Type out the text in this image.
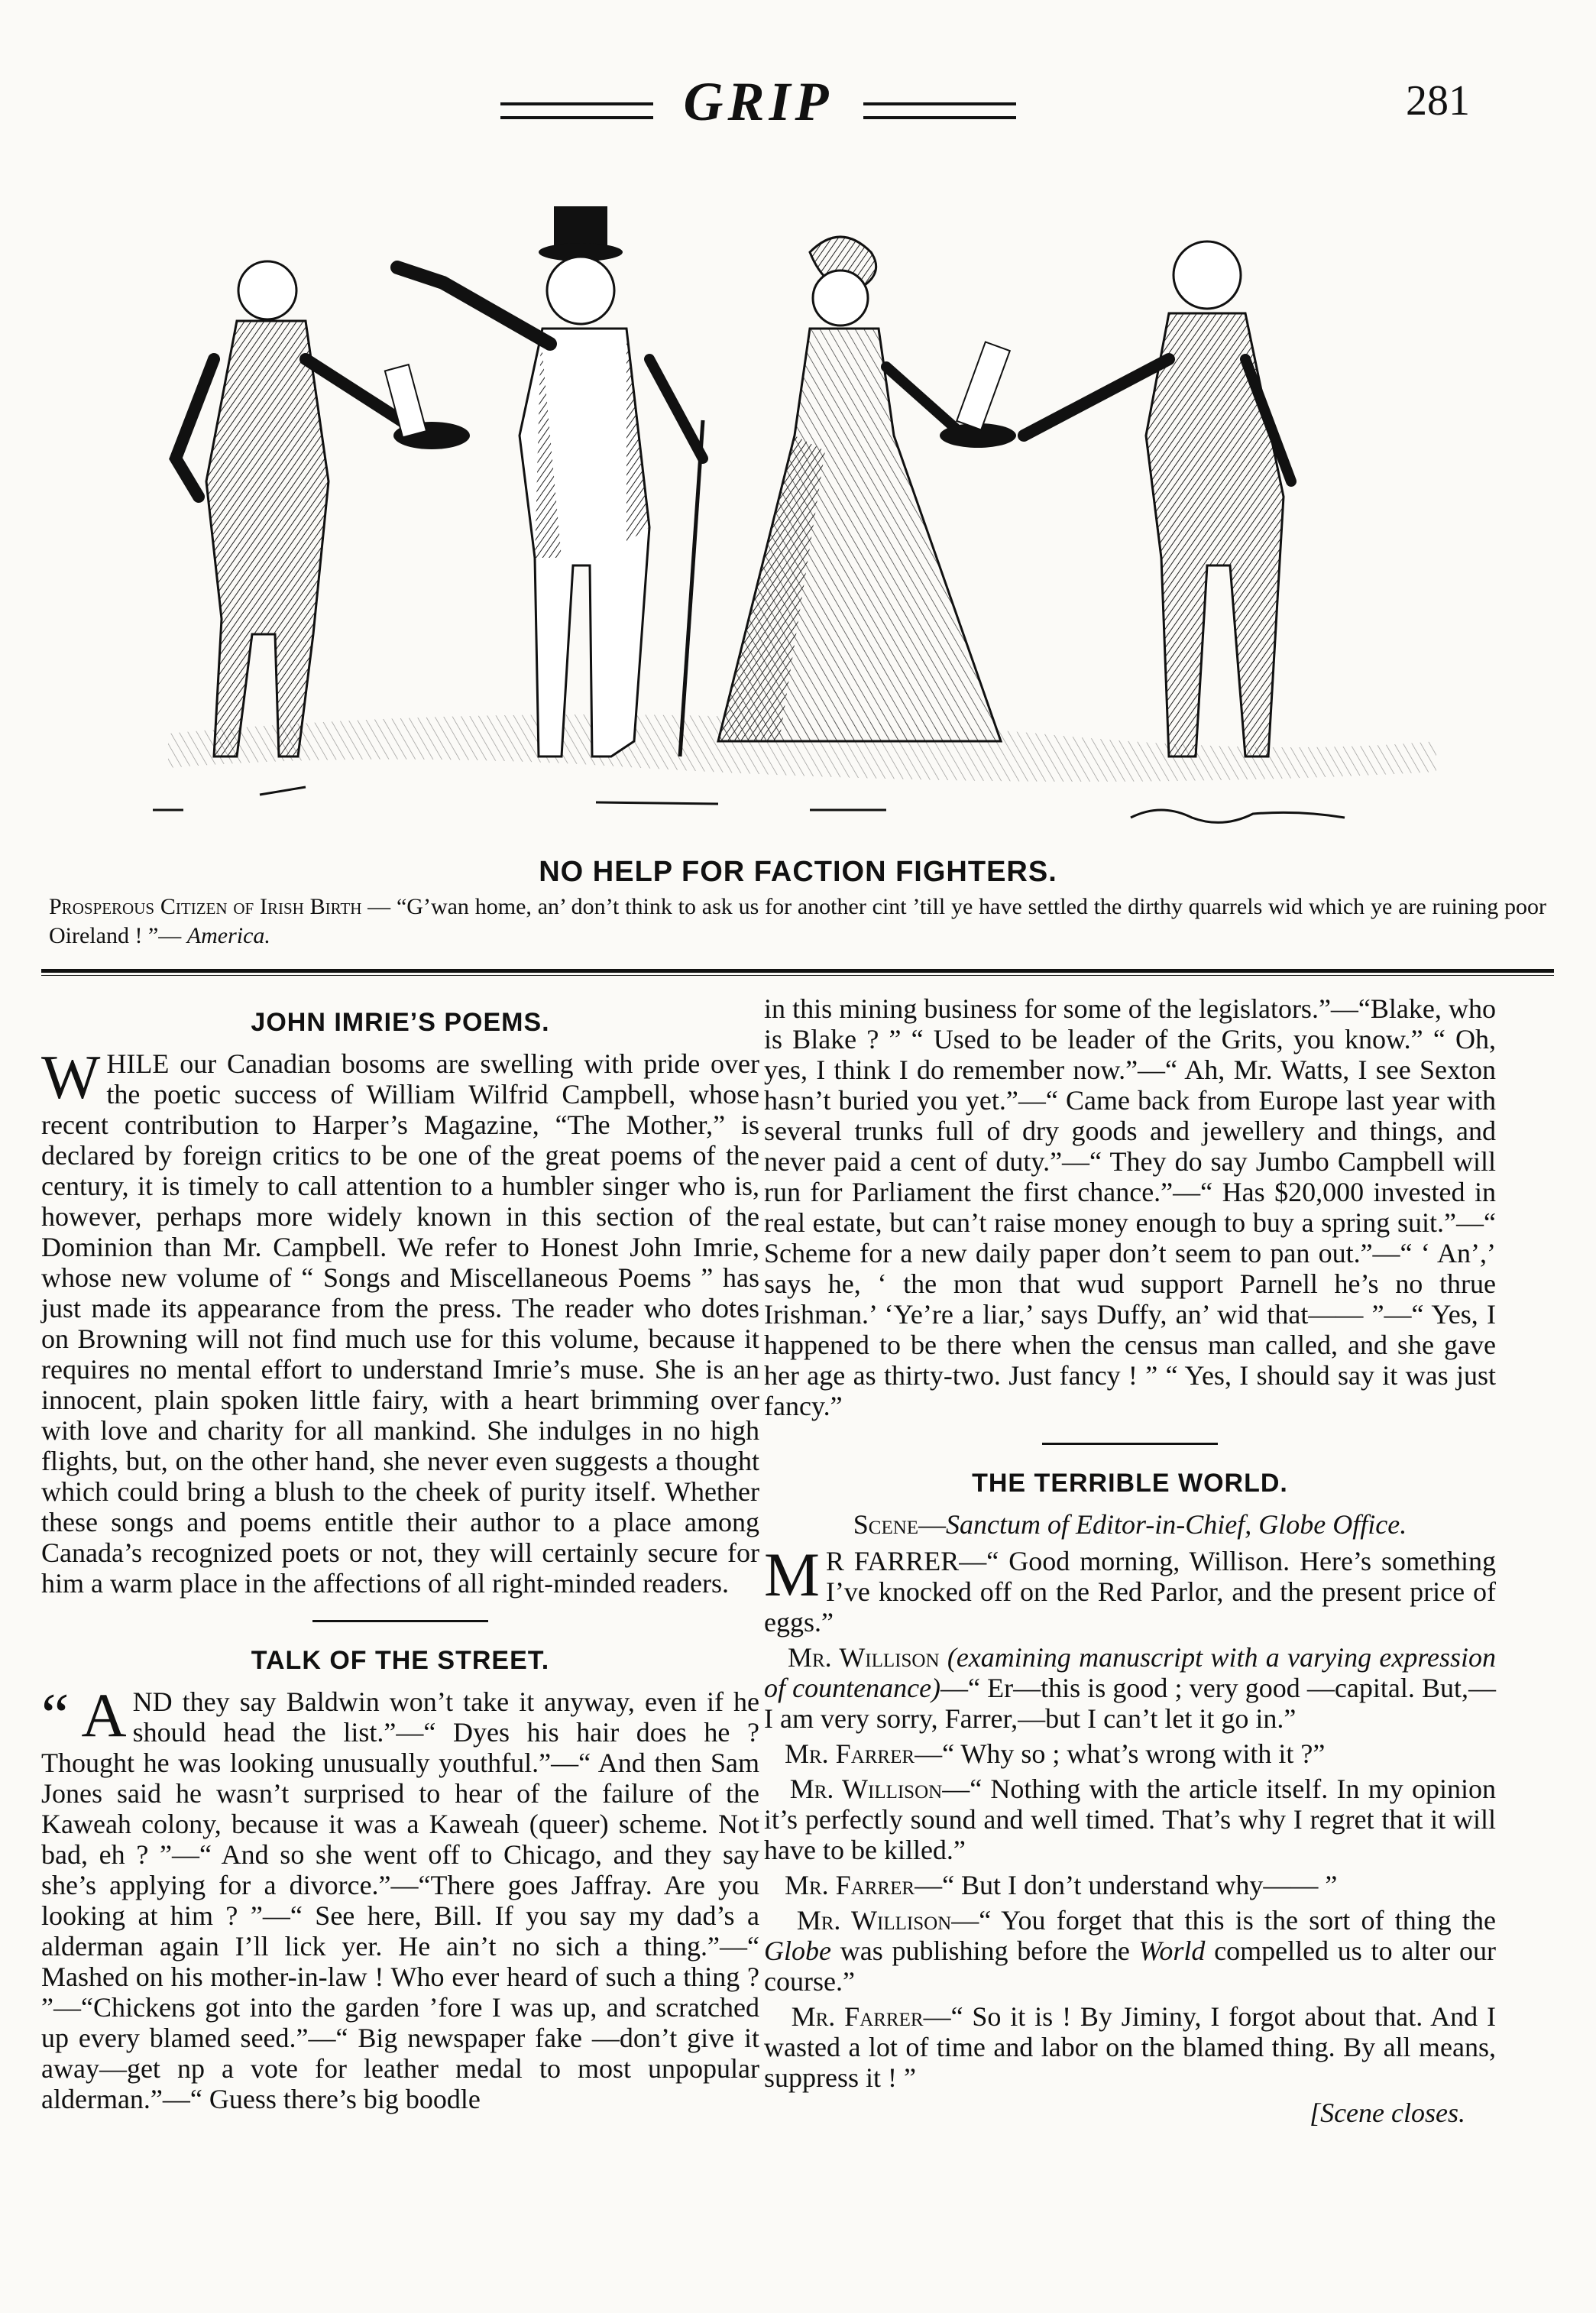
GRIP	281
NO HELP FOR FACTION FIGHTERS.
Prosperous Citizen of Irish Birth — “G’wan home, an’ don’t think to ask us for another cint ’till ye have settled the dirthy quarrels wid which ye are ruining poor Oireland ! ”— America.
JOHN IMRIE’S POEMS.

WHILE our Canadian bosoms are swelling with pride over the poetic success of William Wilfrid Campbell, whose recent contribution to Harper’s Magazine, “The Mother,” is declared by foreign critics to be one of the great poems of the century, it is timely to call attention to a humbler singer who is, however, perhaps more widely known in this section of the Dominion than Mr. Campbell. We refer to Honest John Imrie, whose new volume of “ Songs and Miscellaneous Poems ” has just made its appearance from the press. The reader who dotes on Browning will not find much use for this volume, because it requires no mental effort to understand Imrie’s muse. She is an innocent, plain spoken little fairy, with a heart brimming over with love and charity for all mankind. She indulges in no high flights, but, on the other hand, she never even suggests a thought which could bring a blush to the cheek of purity itself. Whether these songs and poems entitle their author to a place among Canada’s recognized poets or not, they will certainly secure for him a warm place in the affections of all right-minded readers.

TALK OF THE STREET.

“ A ND they say Baldwin won’t take it anyway, even if he should head the list.”—“ Dyes his hair does he ? Thought he was looking unusually youthful.”—“ And then Sam Jones said he wasn’t surprised to hear of the failure of the Kaweah colony, because it was a Kaweah (queer) scheme. Not bad, eh ? ”—“ And so she went off to Chicago, and they say she’s applying for a divorce.”—“There goes Jaffray. Are you looking at him ? ”—“ See here, Bill. If you say my dad’s a alderman again I’ll lick yer. He ain’t no sich a thing.”—“ Mashed on his mother-in-law ! Who ever heard of such a thing ? ”—“Chickens got into the garden ’fore I was up, and scratched up every blamed seed.”—“ Big newspaper fake —don’t give it away—get np a vote for leather medal to most unpopular alderman.”—“ Guess there’s big boodle

in this mining business for some of the legislators.”—“Blake, who is Blake ? ” “ Used to be leader of the Grits, you know.” “ Oh, yes, I think I do remember now.”—“ Ah, Mr. Watts, I see Sexton hasn’t buried you yet.”—“ Came back from Europe last year with several trunks full of dry goods and jewellery and things, and never paid a cent of duty.”—“ They do say Jumbo Campbell will run for Parliament the first chance.”—“ Has $20,000 invested in real estate, but can’t raise money enough to buy a spring suit.”—“ Scheme for a new daily paper don’t seem to pan out.”—“ ‘ An’,’ says he, ‘ the mon that wud support Parnell he’s no thrue Irishman.’ ‘Ye’re a liar,’ says Duffy, an’ wid that—— ”—“ Yes, I happened to be there when the census man called, and she gave her age as thirty-two. Just fancy ! ” “ Yes, I should say it was just fancy.”

THE TERRIBLE WORLD.
Scene—Sanctum of Editor-in-Chief, Globe Office.

M R FARRER—“ Good morning, Willison. Here’s something I’ve knocked off on the Red Parlor, and the present price of eggs.”

Mr. Willison (examining manuscript with a varying expression of countenance)—“ Er—this is good ; very good —capital. But,—I am very sorry, Farrer,—but I can’t let it go in.”

Mr. Farrer—“ Why so ; what’s wrong with it ?”

Mr. Willison—“ Nothing with the article itself. In my opinion it’s perfectly sound and well timed. That’s why I regret that it will have to be killed.”

Mr. Farrer—“ But I don’t understand why—— ”

Mr. Willison—“ You forget that this is the sort of thing the Globe was publishing before the World compelled us to alter our course.”

Mr. Farrer—“ So it is ! By Jiminy, I forgot about that. And I wasted a lot of time and labor on the blamed thing. By all means, suppress it ! ”

[Scene closes.
